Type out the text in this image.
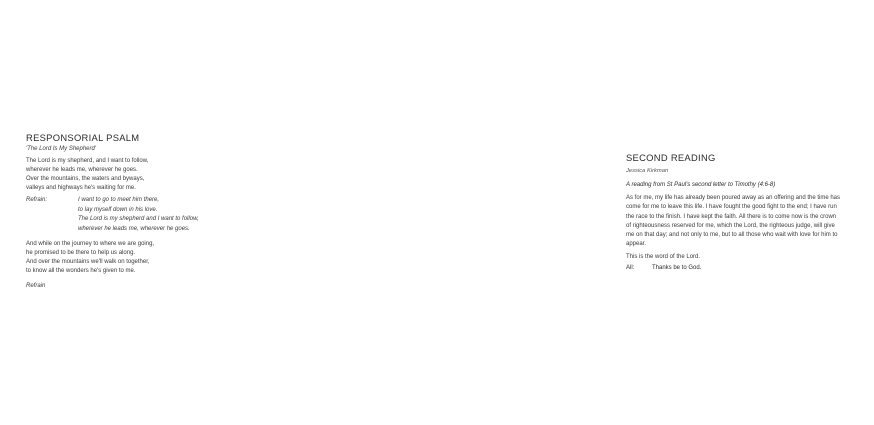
RESPONSORIAL PSALM

'The Lord Is My Shepherd'

The Lord is my shepherd, and I want to follow,
wherever he leads me, wherever he goes.
Over the mountains, the waters and byways,
valleys and highways he's waiting for me.
Refrain:	I want to go to meet him there,
to lay myself down in his love.
The Lord is my shepherd and I want to follow,
wherever he leads me, wherever he goes.
And while on the journey to where we are going,
he promised to be there to help us along.
And over the mountains we'll walk on together,
to know all the wonders he's given to me.

Refrain

SECOND READING

Jessica Kirkman

A reading from St Paul's second letter to Timothy (4:6-8)

As for me, my life has already been poured away as an offering and the time has
come for me to leave this life. I have fought the good fight to the end; I have run
the race to the finish. I have kept the faith. All there is to come now is the crown
of righteousness reserved for me, which the Lord, the righteous judge, will give
me on that day; and not only to me, but to all those who wait with love for him to
appear.

This is the word of the Lord.

All:	Thanks be to God.
